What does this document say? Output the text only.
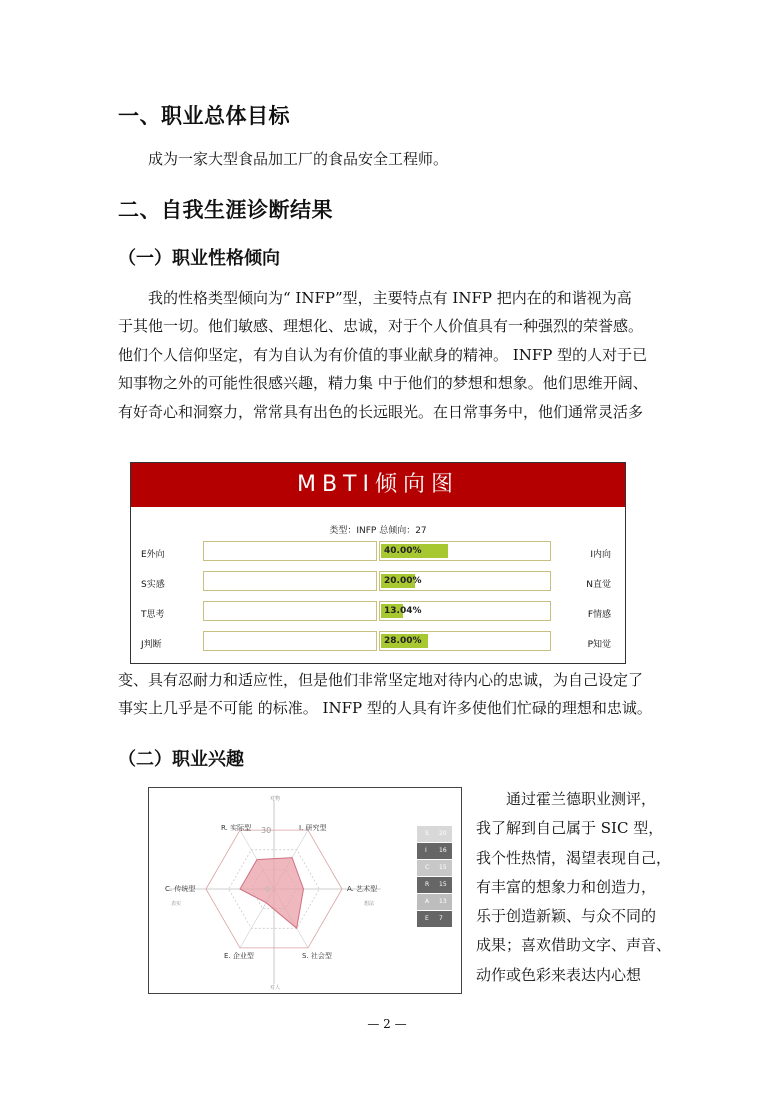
一、职业总体目标
成为一家大型食品加工厂的食品安全工程师。
二、自我生涯诊断结果
（一）职业性格倾向
我的性格类型倾向为“ INFP”型，主要特点有 INFP 把内在的和谐视为高
于其他一切。他们敏感、理想化、忠诚，对于个人价值具有一种强烈的荣誉感。
他们个人信仰坚定，有为自认为有价值的事业献身的精神。 INFP 型的人对于已
知事物之外的可能性很感兴趣，精力集 中于他们的梦想和想象。他们思维开阔、
有好奇心和洞察力，常常具有出色的长远眼光。在日常事务中，他们通常灵活多
MBTI倾向图
类型：INFP 总倾向：27
E外向	40.00%	I内向
S实感	20.00%	N直觉
T思考	13.04%	F情感
J判断	28.00%	P知觉
变、具有忍耐力和适应性，但是他们非常坚定地对待内心的忠诚，为自己设定了
事实上几乎是不可能 的标准。 INFP 型的人具有许多使他们忙碌的理想和忠诚。
（二）职业兴趣
R. 实际型	I. 研究型
A. 艺术型
S. 社会型
E. 企业型
C. 传统型
对物
对人
表实	想法
30
0
S 20
I 16
C 15
R 15
A 13
E 7
通过霍兰德职业测评，
我了解到自己属于 SIC 型，
我个性热情，渴望表现自己，
有丰富的想象力和创造力，
乐于创造新颖、与众不同的
成果；喜欢借助文字、声音、
动作或色彩来表达内心想
— 2 —
